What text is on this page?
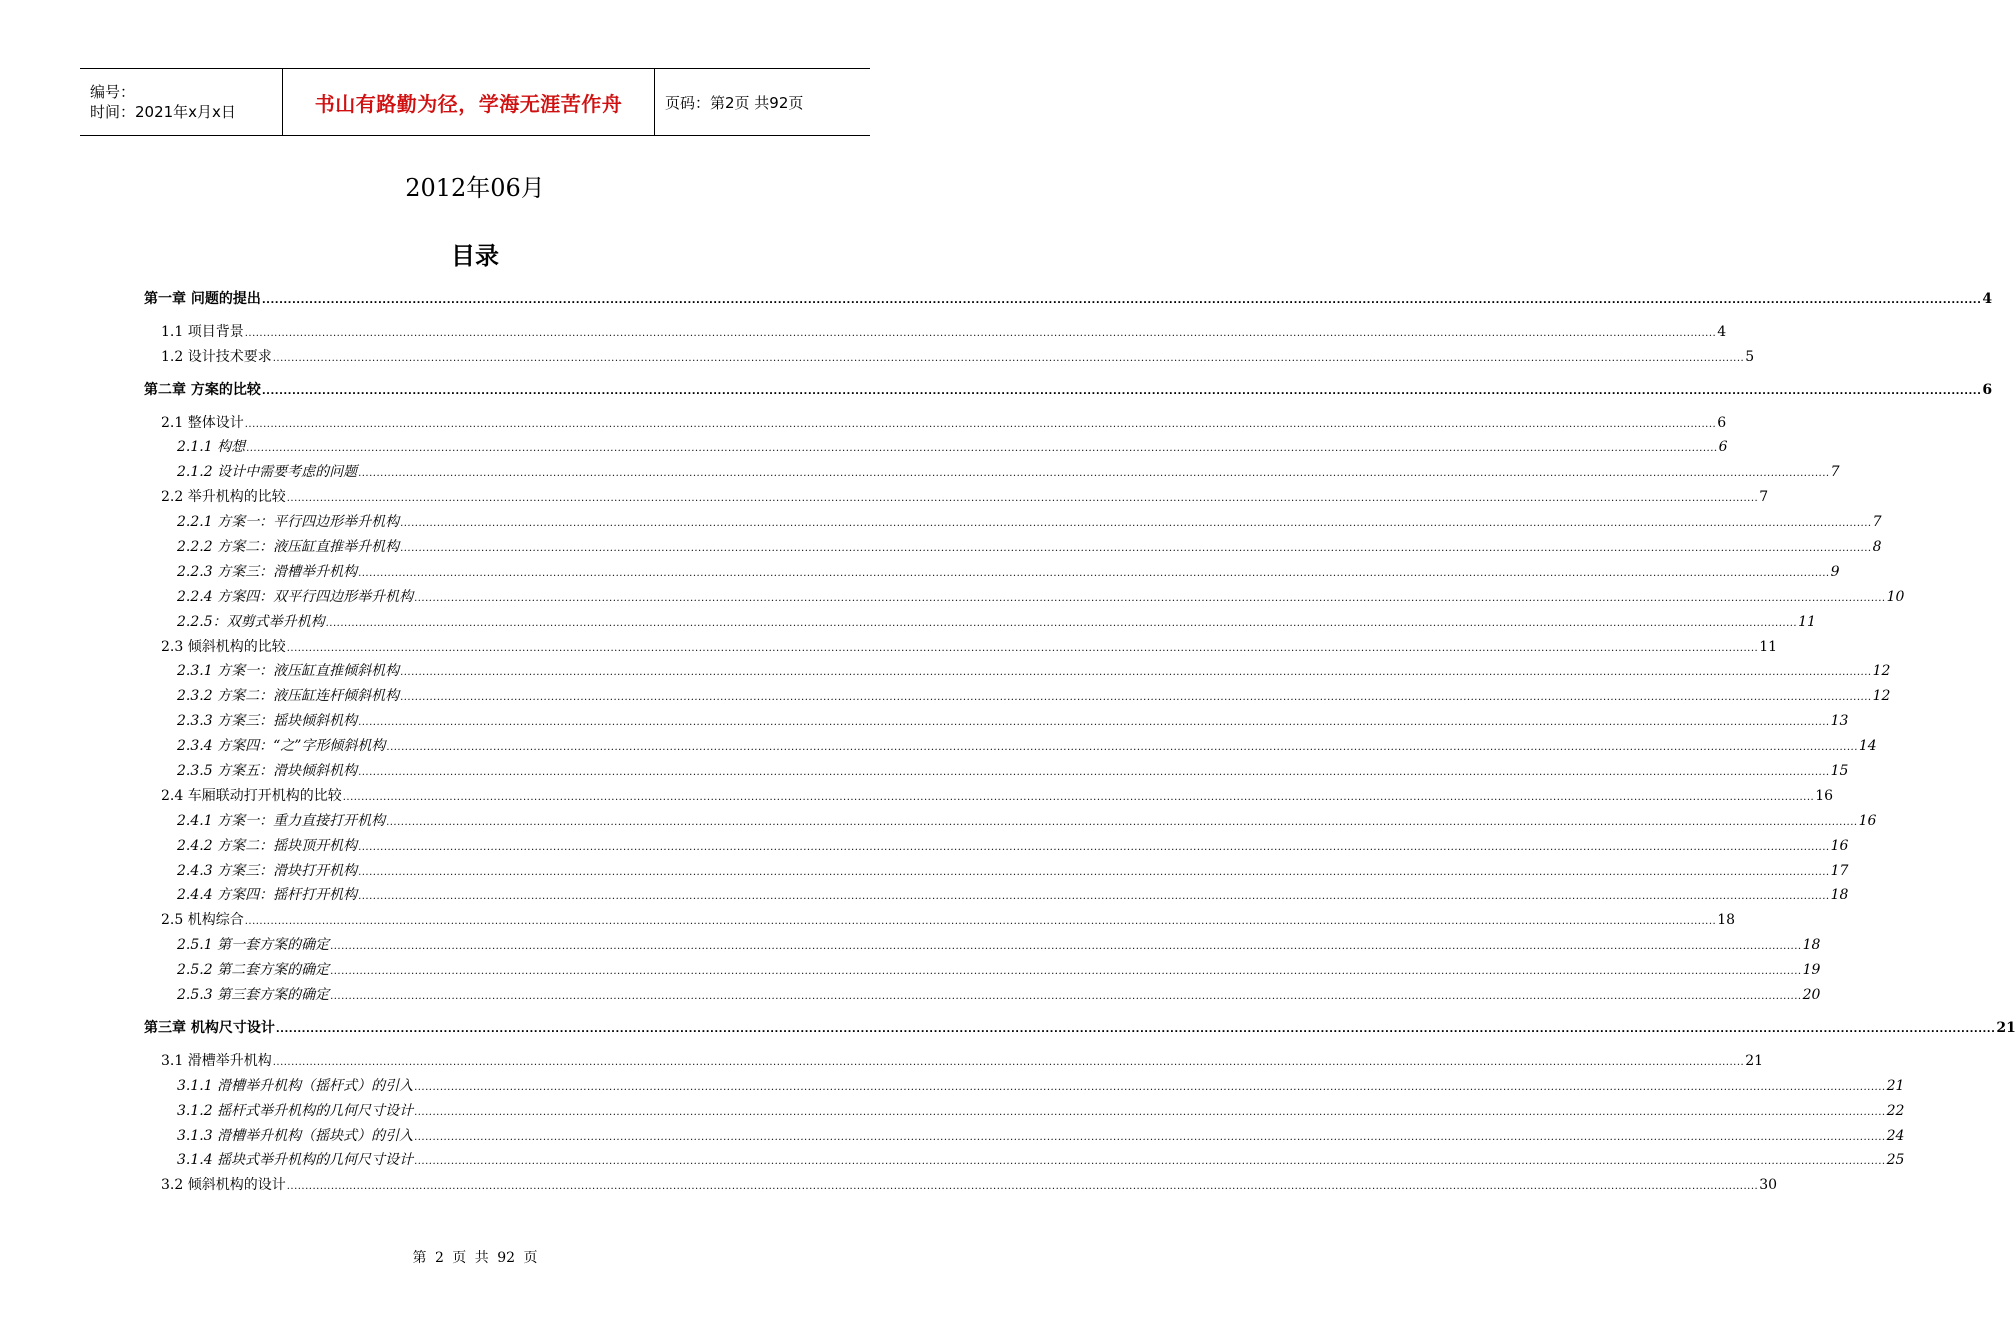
编号：
时间：2021年x月x日	书山有路勤为径，学海无涯苦作舟	页码：第2页 共92页
2012年06月
目录
第一章 问题的提出 ................................................................................................................................................................................................................................................................................................................................................................................................................ 4
1.1 项目背景 ................................................................................................................................................................................................................................................................................................................................................................................................................ 4
1.2 设计技术要求 ................................................................................................................................................................................................................................................................................................................................................................................................................ 5
第二章 方案的比较 ................................................................................................................................................................................................................................................................................................................................................................................................................ 6
2.1 整体设计 ................................................................................................................................................................................................................................................................................................................................................................................................................ 6
2.1.1 构想 ................................................................................................................................................................................................................................................................................................................................................................................................................ 6
2.1.2 设计中需要考虑的问题 ................................................................................................................................................................................................................................................................................................................................................................................................................ 7
2.2 举升机构的比较 ................................................................................................................................................................................................................................................................................................................................................................................................................ 7
2.2.1 方案一：平行四边形举升机构 ................................................................................................................................................................................................................................................................................................................................................................................................................ 7
2.2.2 方案二：液压缸直推举升机构 ................................................................................................................................................................................................................................................................................................................................................................................................................ 8
2.2.3 方案三：滑槽举升机构 ................................................................................................................................................................................................................................................................................................................................................................................................................ 9
2.2.4 方案四：双平行四边形举升机构 ................................................................................................................................................................................................................................................................................................................................................................................................................ 10
2.2.5：双剪式举升机构 ................................................................................................................................................................................................................................................................................................................................................................................................................ 11
2.3 倾斜机构的比较 ................................................................................................................................................................................................................................................................................................................................................................................................................ 11
2.3.1 方案一：液压缸直推倾斜机构 ................................................................................................................................................................................................................................................................................................................................................................................................................ 12
2.3.2 方案二：液压缸连杆倾斜机构 ................................................................................................................................................................................................................................................................................................................................................................................................................ 12
2.3.3 方案三：摇块倾斜机构 ................................................................................................................................................................................................................................................................................................................................................................................................................ 13
2.3.4 方案四：“之”字形倾斜机构 ................................................................................................................................................................................................................................................................................................................................................................................................................ 14
2.3.5 方案五：滑块倾斜机构 ................................................................................................................................................................................................................................................................................................................................................................................................................ 15
2.4 车厢联动打开机构的比较 ................................................................................................................................................................................................................................................................................................................................................................................................................ 16
2.4.1 方案一：重力直接打开机构 ................................................................................................................................................................................................................................................................................................................................................................................................................ 16
2.4.2 方案二：摇块顶开机构 ................................................................................................................................................................................................................................................................................................................................................................................................................ 16
2.4.3 方案三：滑块打开机构 ................................................................................................................................................................................................................................................................................................................................................................................................................ 17
2.4.4 方案四：摇杆打开机构 ................................................................................................................................................................................................................................................................................................................................................................................................................ 18
2.5 机构综合 ................................................................................................................................................................................................................................................................................................................................................................................................................ 18
2.5.1 第一套方案的确定 ................................................................................................................................................................................................................................................................................................................................................................................................................ 18
2.5.2 第二套方案的确定 ................................................................................................................................................................................................................................................................................................................................................................................................................ 19
2.5.3 第三套方案的确定 ................................................................................................................................................................................................................................................................................................................................................................................................................ 20
第三章 机构尺寸设计 ................................................................................................................................................................................................................................................................................................................................................................................................................ 21
3.1 滑槽举升机构 ................................................................................................................................................................................................................................................................................................................................................................................................................ 21
3.1.1 滑槽举升机构（摇杆式）的引入 ................................................................................................................................................................................................................................................................................................................................................................................................................ 21
3.1.2 摇杆式举升机构的几何尺寸设计 ................................................................................................................................................................................................................................................................................................................................................................................................................ 22
3.1.3 滑槽举升机构（摇块式）的引入 ................................................................................................................................................................................................................................................................................................................................................................................................................ 24
3.1.4 摇块式举升机构的几何尺寸设计 ................................................................................................................................................................................................................................................................................................................................................................................................................ 25
3.2 倾斜机构的设计 ................................................................................................................................................................................................................................................................................................................................................................................................................ 30
第 2 页 共 92 页
